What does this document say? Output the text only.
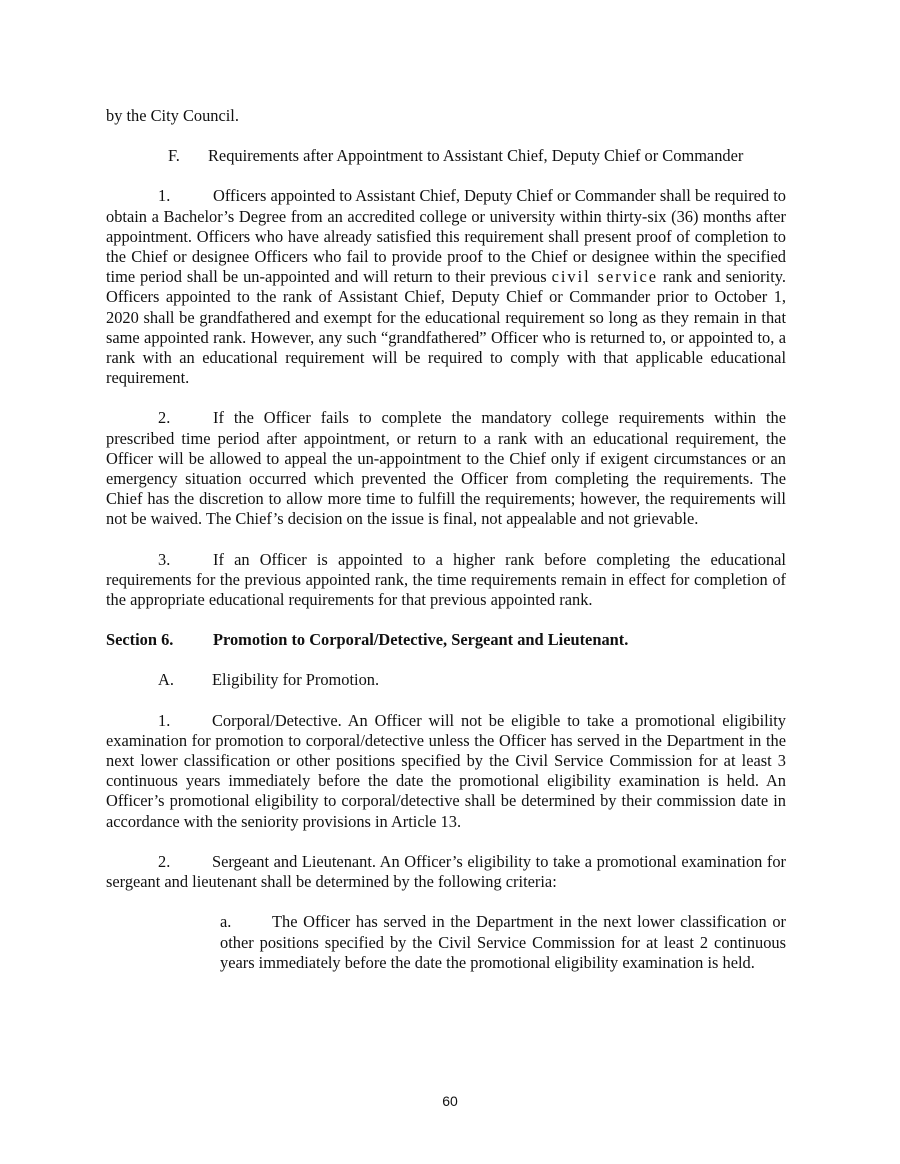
by the City Council.

F. Requirements after Appointment to Assistant Chief, Deputy Chief or Commander

1.	Officers appointed to Assistant Chief, Deputy Chief or Commander shall be required to obtain a Bachelor’s Degree from an accredited college or university within thirty-six (36) months after appointment. Officers who have already satisfied this requirement shall present proof of completion to the Chief or designee Officers who fail to provide proof to the Chief or designee within the specified time period shall be un-appointed and will return to their previous civil service rank and seniority. Officers appointed to the rank of Assistant Chief, Deputy Chief or Commander prior to October 1, 2020 shall be grandfathered and exempt for the educational requirement so long as they remain in that same appointed rank. However, any such “grandfathered” Officer who is returned to, or appointed to, a rank with an educational requirement will be required to comply with that applicable educational requirement.

2.	If the Officer fails to complete the mandatory college requirements within the prescribed time period after appointment, or return to a rank with an educational requirement, the Officer will be allowed to appeal the un-appointment to the Chief only if exigent circumstances or an emergency situation occurred which prevented the Officer from completing the requirements. The Chief has the discretion to allow more time to fulfill the requirements; however, the requirements will not be waived. The Chief’s decision on the issue is final, not appealable and not grievable.

3.	If an Officer is appointed to a higher rank before completing the educational requirements for the previous appointed rank, the time requirements remain in effect for completion of the appropriate educational requirements for that previous appointed rank.

Section 6. Promotion to Corporal/Detective, Sergeant and Lieutenant.

A. Eligibility for Promotion.

1.	Corporal/Detective. An Officer will not be eligible to take a promotional eligibility examination for promotion to corporal/detective unless the Officer has served in the Department in the next lower classification or other positions specified by the Civil Service Commission for at least 3 continuous years immediately before the date the promotional eligibility examination is held. An Officer’s promotional eligibility to corporal/detective shall be determined by their commission date in accordance with the seniority provisions in Article 13.

2.	Sergeant and Lieutenant. An Officer’s eligibility to take a promotional examination for sergeant and lieutenant shall be determined by the following criteria:

a. The Officer has served in the Department in the next lower classification or other positions specified by the Civil Service Commission for at least 2 continuous years immediately before the date the promotional eligibility examination is held.

60
